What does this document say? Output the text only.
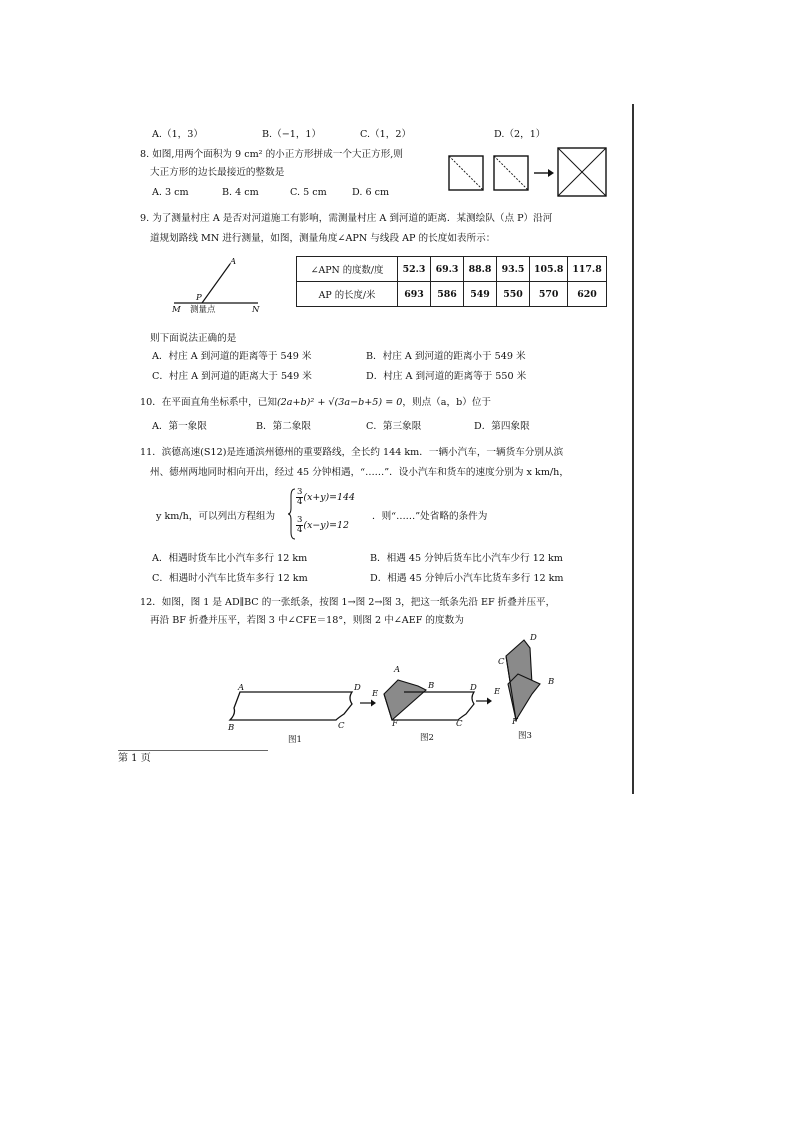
A.（1，3）	B.（−1，1）	C.（1，2）	D.（2，1）
8. 如图,用两个面积为 9 cm² 的小正方形拼成一个大正方形,则
大正方形的边长最接近的整数是
A. 3 cm	B. 4 cm	C. 5 cm	D. 6 cm
9. 为了测量村庄 A 是否对河道施工有影响，需测量村庄 A 到河道的距离．某测绘队（点 P）沿河
道规划路线 MN 进行测量，如图，测量角度∠APN 与线段 AP 的长度如表所示：
A
P
M	N
测量点
∠APN 的度数/度	52.3	69.3	88.8	93.5	105.8	117.8
AP 的长度/米	693	586	549	550	570	620
则下面说法正确的是
A．村庄 A 到河道的距离等于 549 米	B．村庄 A 到河道的距离小于 549 米
C．村庄 A 到河道的距离大于 549 米	D．村庄 A 到河道的距离等于 550 米
10．在平面直角坐标系中，已知(2a+b)² + √(3a−b+5) = 0，则点（a，b）位于
A．第一象限	B．第二象限	C．第三象限	D．第四象限
11．滨德高速(S12)是连通滨州德州的重要路线，全长约 144 km．一辆小汽车，一辆货车分别从滨
州、德州两地同时相向开出，经过 45 分钟相遇，“……”．设小汽车和货车的速度分别为 x km/h，
y km/h，可以列出方程组为
$\frac{3}{4} (x+y)=144$
$\frac{3}{4} (x-y)=12$
．则“……”处省略的条件为
A．相遇时货车比小汽车多行 12 km	B．相遇 45 分钟后货车比小汽车少行 12 km
C．相遇时小汽车比货车多行 12 km	D．相遇 45 分钟后小汽车比货车多行 12 km
12．如图，图 1 是 AD∥BC 的一张纸条，按图 1→图 2→图 3，把这一纸条先沿 EF 折叠并压平，
再沿 BF 折叠并压平，若图 3 中∠CFE＝18°，则图 2 中∠AEF 的度数为
A	D
B	C
图1
A
B
E
D
F	C
图2
D
C
B
E
F
图3
第 1 页
